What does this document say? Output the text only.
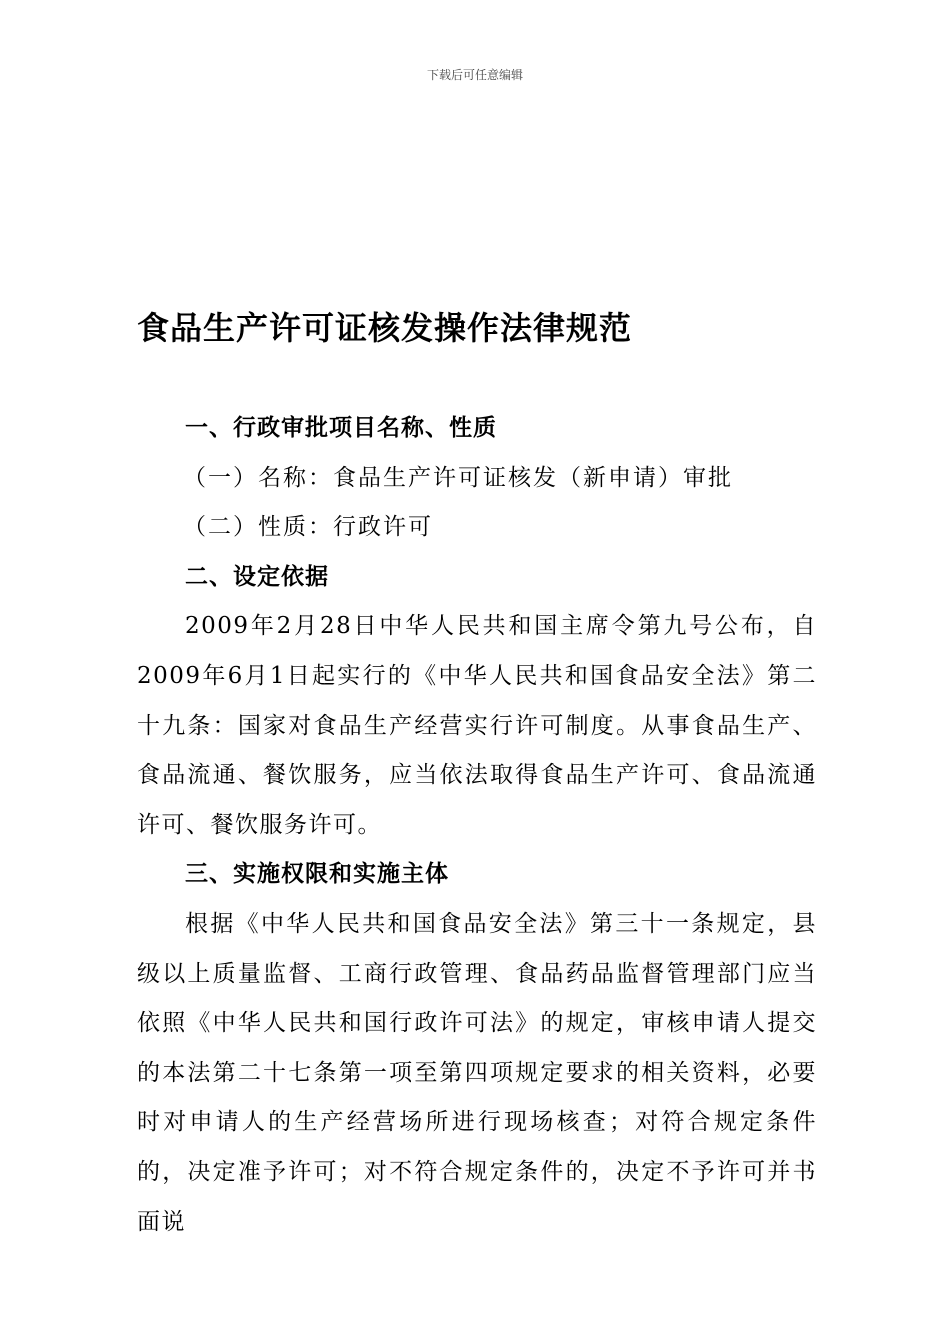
下载后可任意编辑
食品生产许可证核发操作法律规范

一、行政审批项目名称、性质

（一）名称：食品生产许可证核发（新申请）审批

（二）性质：行政许可

二、设定依据

2009年2月28日中华人民共和国主席令第九号公布，自2009年6月1日起实行的《中华人民共和国食品安全法》第二十九条：国家对食品生产经营实行许可制度。从事食品生产、食品流通、餐饮服务，应当依法取得食品生产许可、食品流通许可、餐饮服务许可。

三、实施权限和实施主体

根据《中华人民共和国食品安全法》第三十一条规定，县级以上质量监督、工商行政管理、食品药品监督管理部门应当依照《中华人民共和国行政许可法》的规定，审核申请人提交的本法第二十七条第一项至第四项规定要求的相关资料，必要时对申请人的生产经营场所进行现场核查；对符合规定条件的，决定准予许可；对不符合规定条件的，决定不予许可并书面说
